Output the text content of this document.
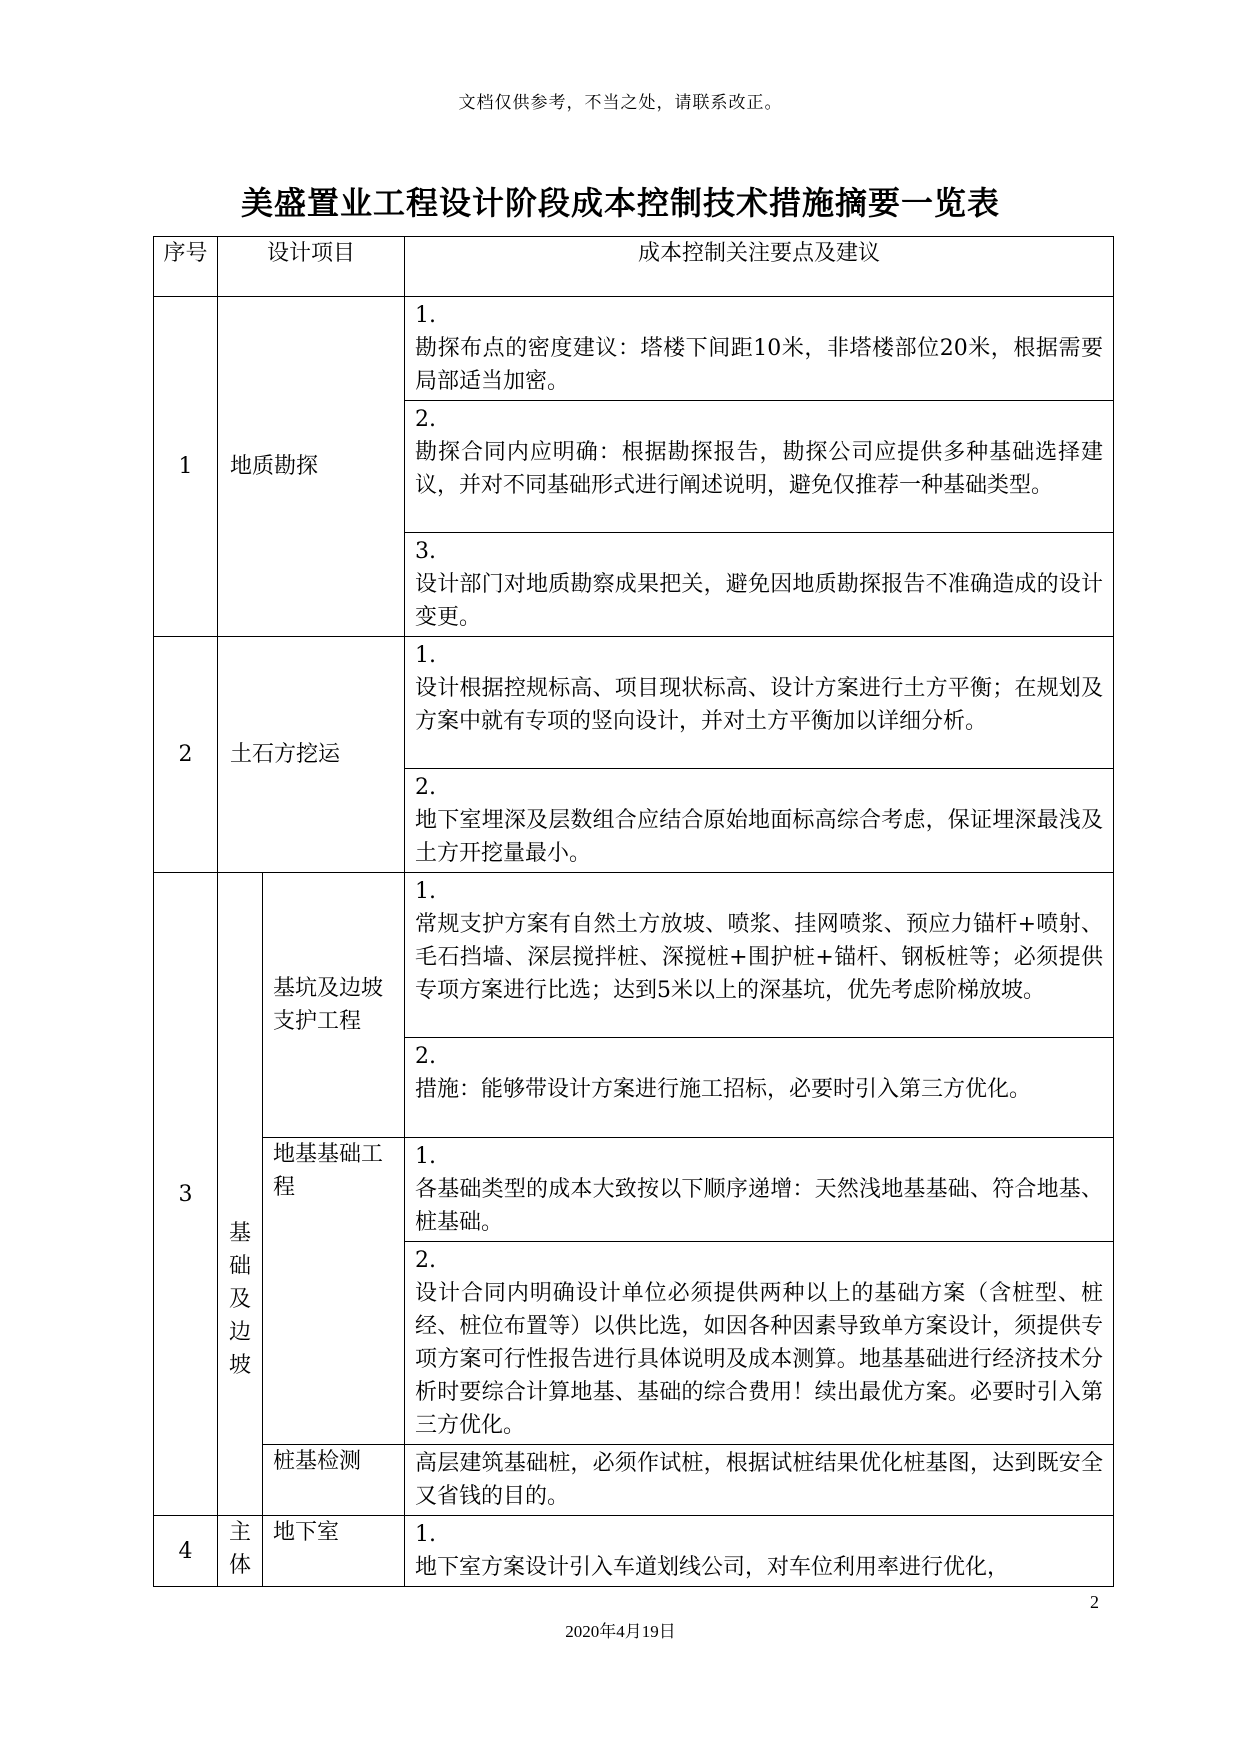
文档仅供参考，不当之处，请联系改正。
美盛置业工程设计阶段成本控制技术措施摘要一览表
序号	设计项目		成本控制关注要点及建议
1	地质勘探		1.
勘探布点的密度建议：塔楼下间距10米，非塔楼部位20米，根据需要局部适当加密。

			2.
勘探合同内应明确：根据勘探报告，勘探公司应提供多种基础选择建议，并对不同基础形式进行阐述说明，避免仅推荐一种基础类型。

			3.
设计部门对地质勘察成果把关，避免因地质勘探报告不准确造成的设计变更。

2	土石方挖运		1.
设计根据控规标高、项目现状标高、设计方案进行土方平衡；在规划及方案中就有专项的竖向设计，并对土方平衡加以详细分析。

			2.
地下室埋深及层数组合应结合原始地面标高综合考虑，保证埋深最浅及土方开挖量最小。

3	基础及边坡	基坑及边坡支护工程	1.
常规支护方案有自然土方放坡、喷浆、挂网喷浆、预应力锚杆+喷射、毛石挡墙、深层搅拌桩、深搅桩+围护桩+锚杆、钢板桩等；必须提供专项方案进行比选；达到5米以上的深基坑，优先考虑阶梯放坡。

			2.
措施：能够带设计方案进行施工招标，必要时引入第三方优化。

		地基基础工程	1.
各基础类型的成本大致按以下顺序递增：天然浅地基基础、符合地基、桩基础。

			2.
设计合同内明确设计单位必须提供两种以上的基础方案（含桩型、桩经、桩位布置等）以供比选，如因各种因素导致单方案设计，须提供专项方案可行性报告进行具体说明及成本测算。地基基础进行经济技术分析时要综合计算地基、基础的综合费用！续出最优方案。必要时引入第三方优化。

		桩基检测	高层建筑基础桩，必须作试桩，根据试桩结果优化桩基图，达到既安全又省钱的目的。

4	主体	地下室	1.
地下室方案设计引入车道划线公司，对车位利用率进行优化，
2
2020年4月19日
